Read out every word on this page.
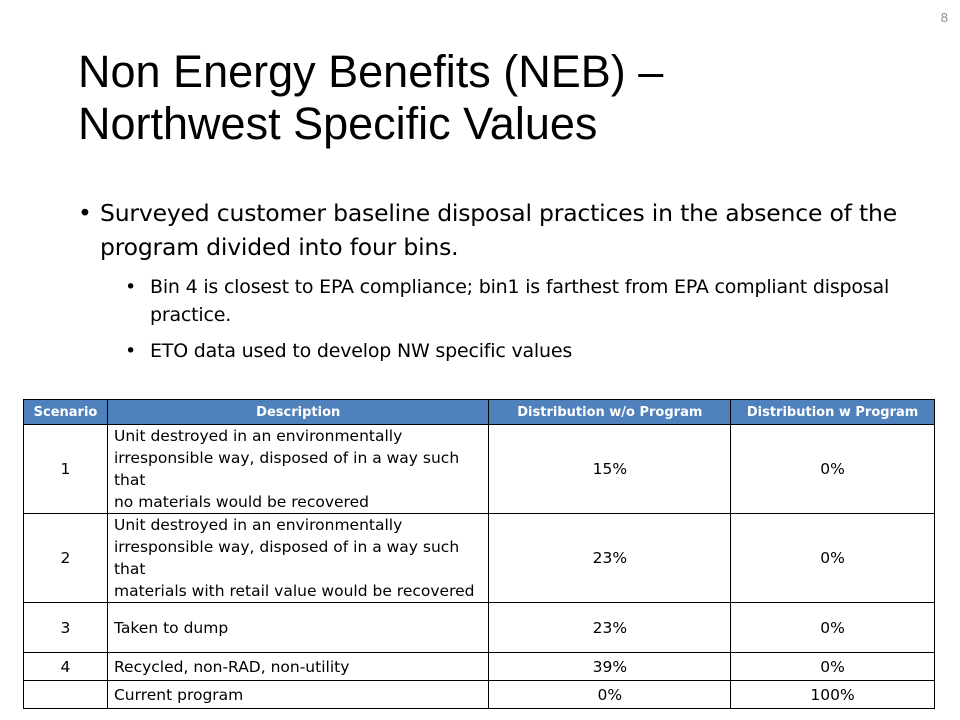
8
Non Energy Benefits (NEB) –
Northwest Specific Values
• Surveyed customer baseline disposal practices in the absence of the program divided into four bins.
• Bin 4 is closest to EPA compliance; bin1 is farthest from EPA compliant disposal practice.
• ETO data used to develop NW specific values
Scenario	Description	Distribution w/o Program	Distribution w Program
1	Unit destroyed in an environmentally
irresponsible way, disposed of in a way such that
no materials would be recovered	15%	0%
2	Unit destroyed in an environmentally
irresponsible way, disposed of in a way such that
materials with retail value would be recovered	23%	0%
3	Taken to dump	23%	0%
4	Recycled, non-RAD, non-utility	39%	0%

	Current program	0%	100%
